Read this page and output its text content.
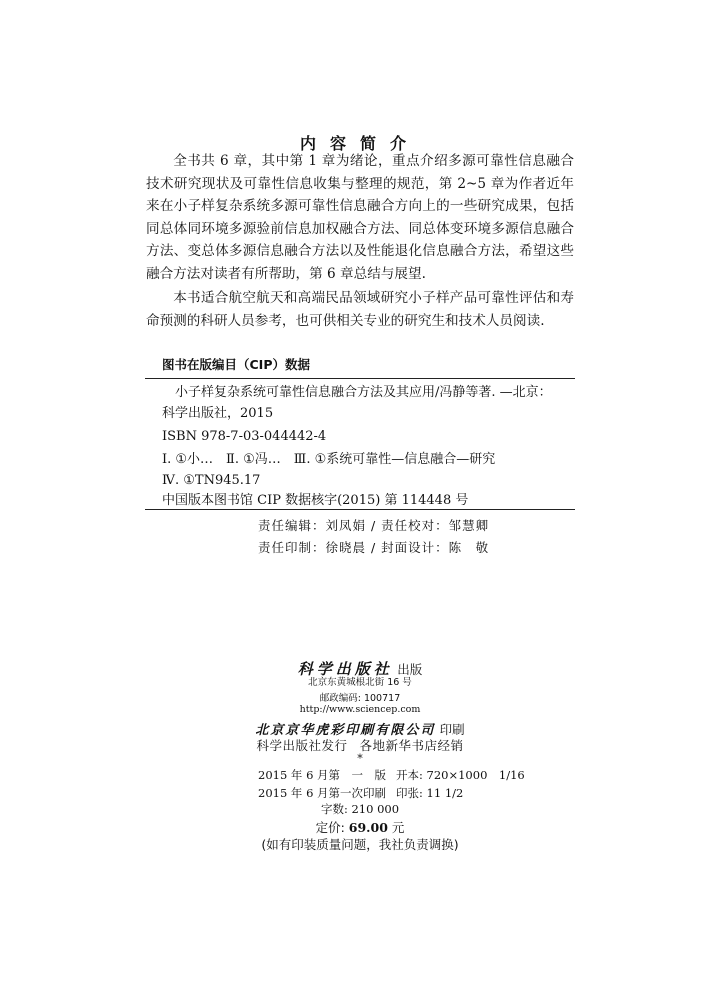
内容简介

全书共 6 章，其中第 1 章为绪论，重点介绍多源可靠性信息融合技术研究现状及可靠性信息收集与整理的规范，第 2~5 章为作者近年来在小子样复杂系统多源可靠性信息融合方向上的一些研究成果，包括同总体同环境多源验前信息加权融合方法、同总体变环境多源信息融合方法、变总体多源信息融合方法以及性能退化信息融合方法，希望这些融合方法对读者有所帮助，第 6 章总结与展望.

本书适合航空航天和高端民品领域研究小子样产品可靠性评估和寿命预测的科研人员参考，也可供相关专业的研究生和技术人员阅读.

图书在版编目（CIP）数据
小子样复杂系统可靠性信息融合方法及其应用/冯静等著. —北京：
科学出版社，2015
ISBN 978-7-03-044442-4
Ⅰ. ①小…　Ⅱ. ①冯…　Ⅲ. ①系统可靠性—信息融合—研究
Ⅳ. ①TN945.17
中国版本图书馆 CIP 数据核字(2015) 第 114448 号
责任编辑：刘凤娟 / 责任校对：邹慧卿
责任印制：徐晓晨 / 封面设计：陈　敬
科学出版社 出版
北京东黄城根北街 16 号
邮政编码: 100717
http://www.sciencep.com
北京京华虎彩印刷有限公司 印刷
科学出版社发行 各地新华书店经销
*
2015 年 6 月第　一　版 开本: 720×1000　1/16
2015 年 6 月第一次印刷 印张: 11 1/2
字数: 210 000
定价: 69.00 元
(如有印装质量问题，我社负责调换)
